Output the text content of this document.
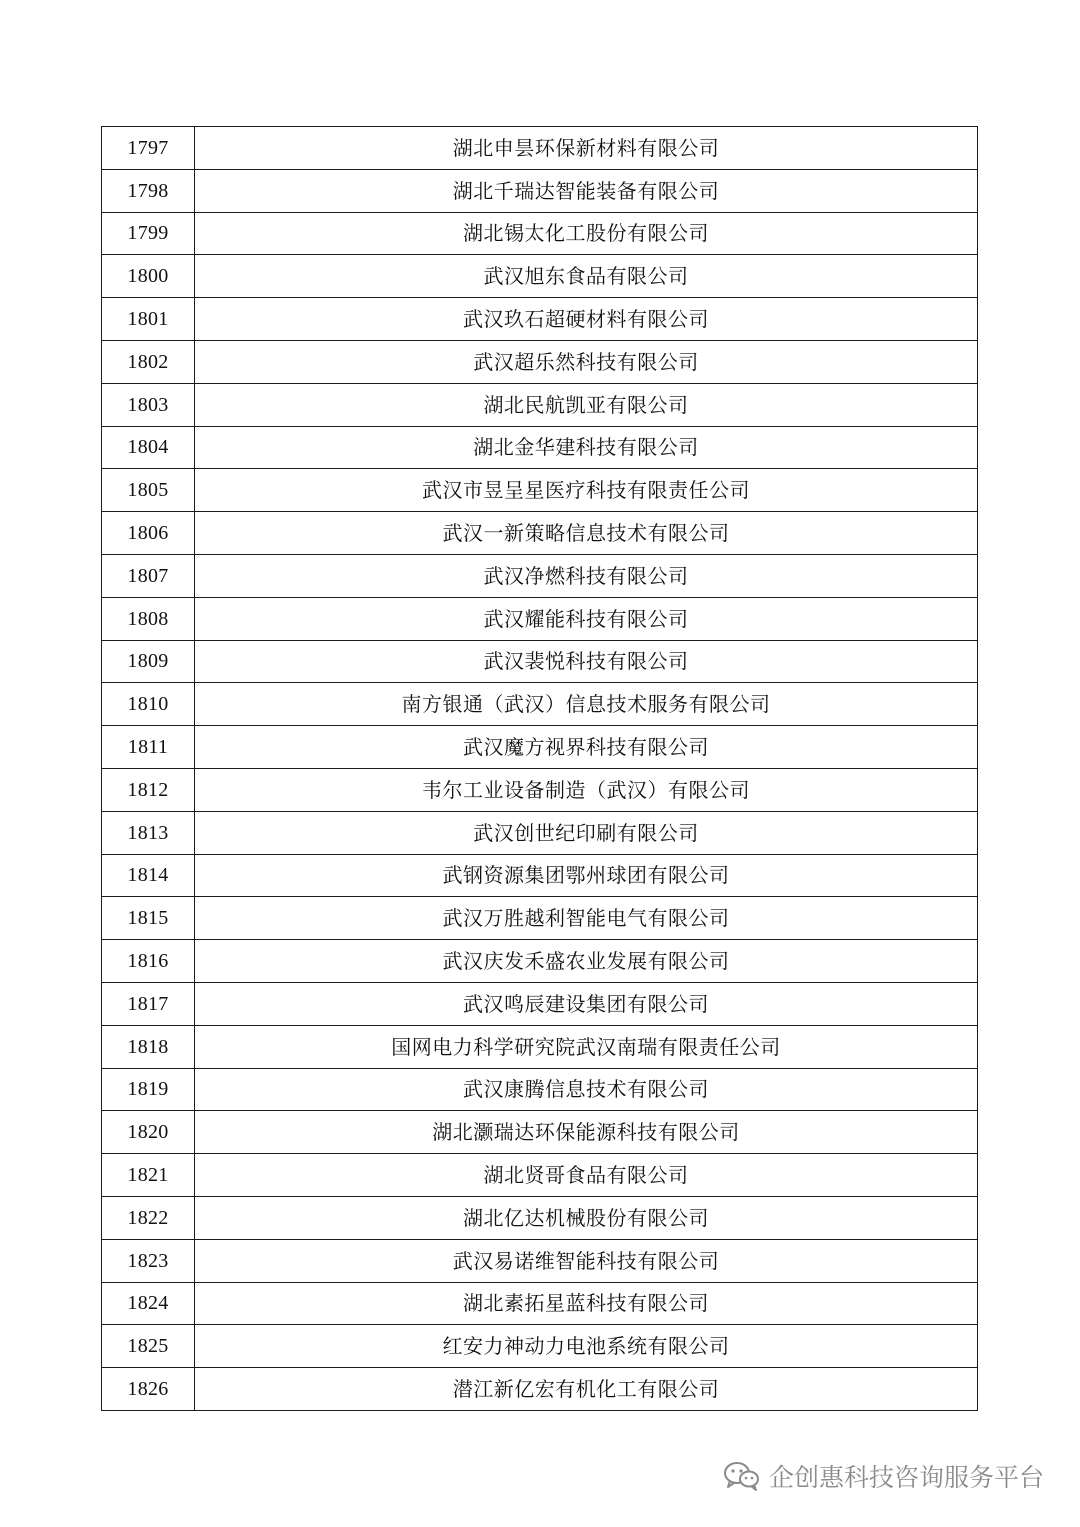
1797	湖北申昙环保新材料有限公司
1798	湖北千瑞达智能装备有限公司
1799	湖北锡太化工股份有限公司
1800	武汉旭东食品有限公司
1801	武汉玖石超硬材料有限公司
1802	武汉超乐然科技有限公司
1803	湖北民航凯亚有限公司
1804	湖北金华建科技有限公司
1805	武汉市昱呈星医疗科技有限责任公司
1806	武汉一新策略信息技术有限公司
1807	武汉净燃科技有限公司
1808	武汉耀能科技有限公司
1809	武汉裴悦科技有限公司
1810	南方银通（武汉）信息技术服务有限公司
1811	武汉魔方视界科技有限公司
1812	韦尔工业设备制造（武汉）有限公司
1813	武汉创世纪印刷有限公司
1814	武钢资源集团鄂州球团有限公司
1815	武汉万胜越利智能电气有限公司
1816	武汉庆发禾盛农业发展有限公司
1817	武汉鸣辰建设集团有限公司
1818	国网电力科学研究院武汉南瑞有限责任公司
1819	武汉康腾信息技术有限公司
1820	湖北灏瑞达环保能源科技有限公司
1821	湖北贤哥食品有限公司
1822	湖北亿达机械股份有限公司
1823	武汉易诺维智能科技有限公司
1824	湖北素拓星蓝科技有限公司
1825	红安力神动力电池系统有限公司
1826	潜江新亿宏有机化工有限公司
企创惠科技咨询服务平台
